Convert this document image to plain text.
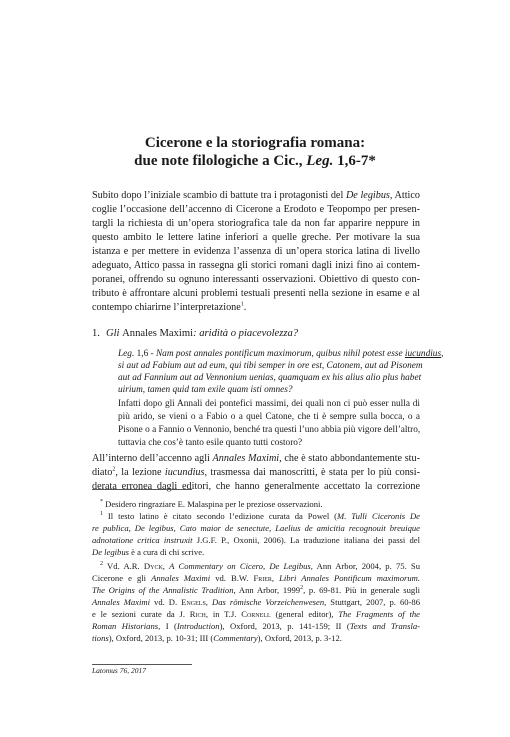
Cicerone e la storiografia romana:
due note filologiche a Cic., Leg. 1,6-7*
Subito dopo l’iniziale scambio di battute tra i protagonisti del De legibus, Attico
coglie l’occasione dell’accenno di Cicerone a Erodoto e Teopompo per presen-
targli la richiesta di un’opera storiografica tale da non far apparire neppure in
questo ambito le lettere latine inferiori a quelle greche. Per motivare la sua
istanza e per mettere in evidenza l’assenza di un’opera storica latina di livello
adeguato, Attico passa in rassegna gli storici romani dagli inizi fino ai contem-
poranei, offrendo su ognuno interessanti osservazioni. Obiettivo di questo con-
tributo è affrontare alcuni problemi testuali presenti nella sezione in esame e al
contempo chiarirne l’interpretazione$^1$.
1. Gli Annales Maximi: aridità o piacevolezza?
Leg. 1,6 - Nam post annales pontificum maximorum, quibus nihil potest esse iucundius,
si aut ad Fabium aut ad eum, qui tibi semper in ore est, Catonem, aut ad Pisonem
aut ad Fannium aut ad Vennonium uenias, quamquam ex his alius alio plus habet
uirium, tamen quid tam exile quam isti omnes?
Infatti dopo gli Annali dei pontefici massimi, dei quali non ci può esser nulla di
più arido, se vieni o a Fabio o a quel Catone, che ti è sempre sulla bocca, o a
Pisone o a Fannio o Vennonio, benché tra questi l’uno abbia più vigore dell’altro,
tuttavia che cos’è tanto esile quanto tutti costoro?
All’interno dell’accenno agli Annales Maximi, che è stato abbondantemente stu-
diato$^2$, la lezione iucundius, trasmessa dai manoscritti, è stata per lo più consi-
derata erronea dagli editori, che hanno generalmente accettato la correzione
* Desidero ringraziare E. Malaspina per le preziose osservazioni.
$^1$ Il testo latino è citato secondo l’edizione curata da Powel (M. Tulli Ciceronis De
re publica, De legibus, Cato maior de senectute, Laelius de amicitia recognouit breuique
adnotatione critica instruxit J.G.F. P., Oxonii, 2006). La traduzione italiana dei passi del
De legibus è a cura di chi scrive.
$^2$ Vd. A.R. Dyck, A Commentary on Cicero, De Legibus, Ann Arbor, 2004, p. 75. Su
Cicerone e gli Annales Maximi vd. B.W. Frier, Libri Annales Pontificum maximorum.
The Origins of the Annalistic Tradition, Ann Arbor, 1999$^2$, p. 69-81. Più in generale sugli
Annales Maximi vd. D. Engels, Das römische Vorzeichenwesen, Stuttgart, 2007, p. 60-86
e le sezioni curate da J. Rich, in T.J. Cornell (general editor), The Fragments of the
Roman Historians, I (Introduction), Oxford, 2013, p. 141-159; II (Texts and Transla-
tions), Oxford, 2013, p. 10-31; III (Commentary), Oxford, 2013, p. 3-12.
Latomus 76, 2017
